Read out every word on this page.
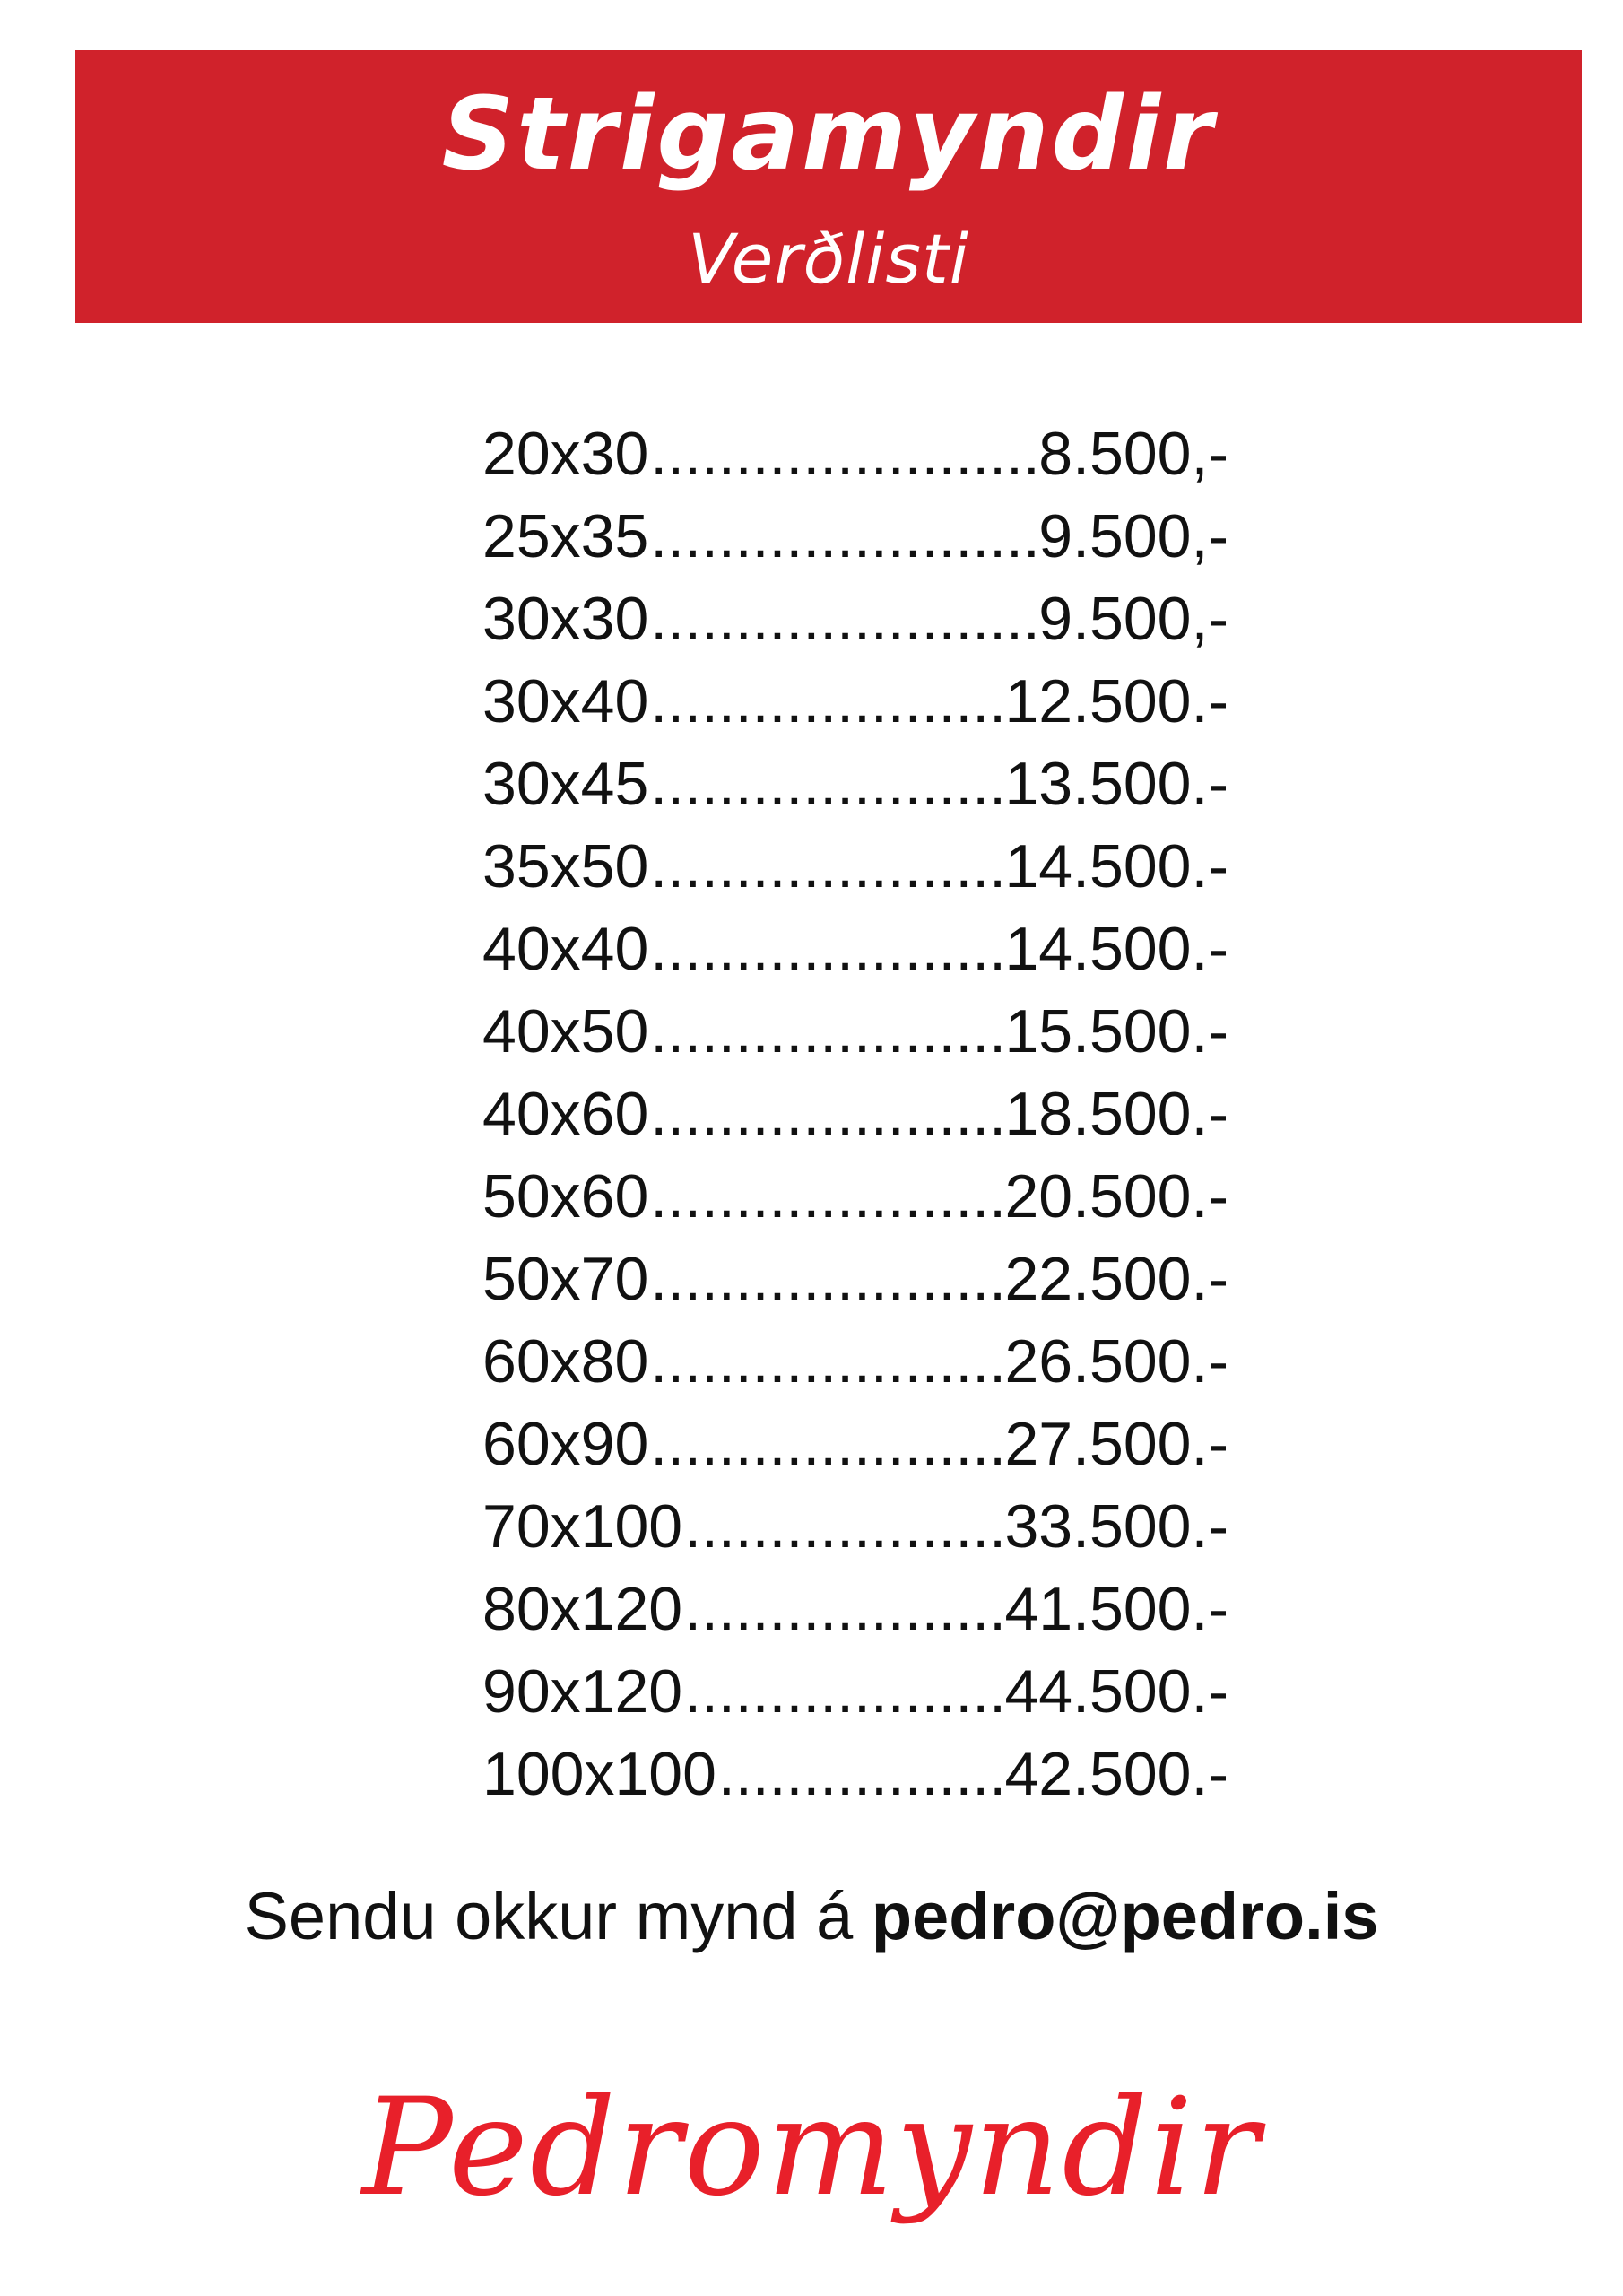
Strigamyndir
Verðlisti
20x30 .....	8.500,-
25x35 .....	9.500,-
30x30 .....	9.500,-
30x40 .....	12.500.-
30x45 .....	13.500.-
35x50 .....	14.500.-
40x40 .....	14.500.-
40x50 .....	15.500.-
40x60 .....	18.500.-
50x60 .....	20.500.-
50x70 .....	22.500.-
60x80 .....	26.500.-
60x90 .....	27.500.-
70x100 .....	33.500.-
80x120 .....	41.500.-
90x120 .....	44.500.-
100x100 .....	42.500.-
Sendu okkur mynd á pedro@pedro.is
Pedromyndir
